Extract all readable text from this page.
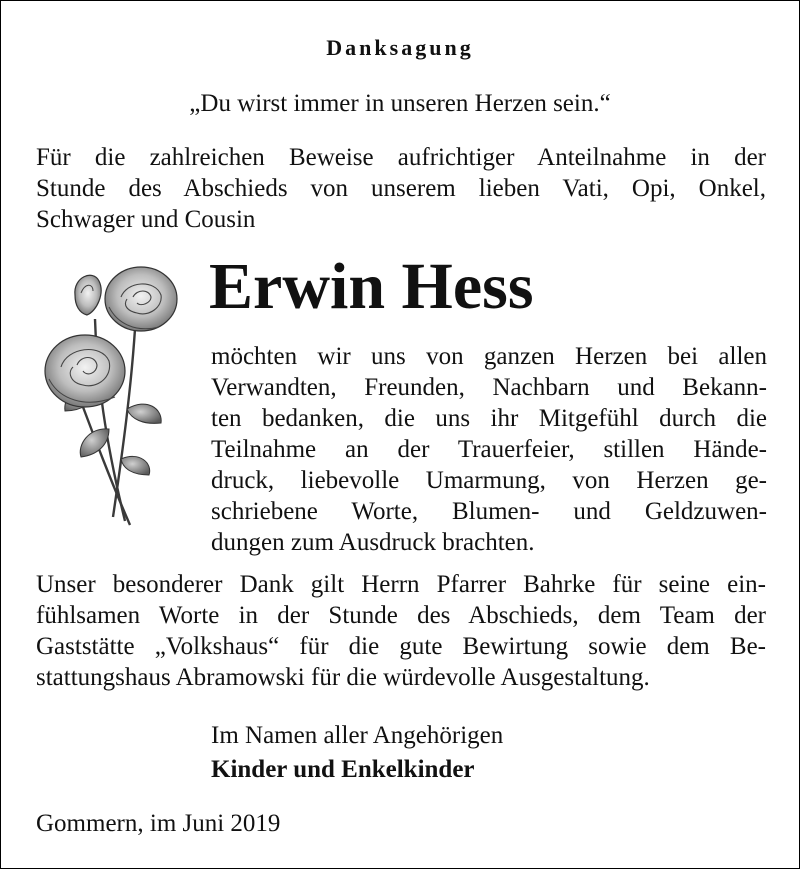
Danksagung
„Du wirst immer in unseren Herzen sein.“
Für die zahlreichen Beweise aufrichtiger Anteilnahme in der
Stunde des Abschieds von unserem lieben Vati, Opi, Onkel,
Schwager und Cousin
Erwin Hess
möchten wir uns von ganzen Herzen bei allen
Verwandten, Freunden, Nachbarn und Bekann-
ten bedanken, die uns ihr Mitgefühl durch die
Teilnahme an der Trauerfeier, stillen Hände-
druck, liebevolle Umarmung, von Herzen ge-
schriebene Worte, Blumen- und Geldzuwen-
dungen zum Ausdruck brachten.
Unser besonderer Dank gilt Herrn Pfarrer Bahrke für seine ein-
fühlsamen Worte in der Stunde des Abschieds, dem Team der
Gaststätte „Volkshaus“ für die gute Bewirtung sowie dem Be-
stattungshaus Abramowski für die würdevolle Ausgestaltung.
Im Namen aller Angehörigen
Kinder und Enkelkinder
Gommern, im Juni 2019
